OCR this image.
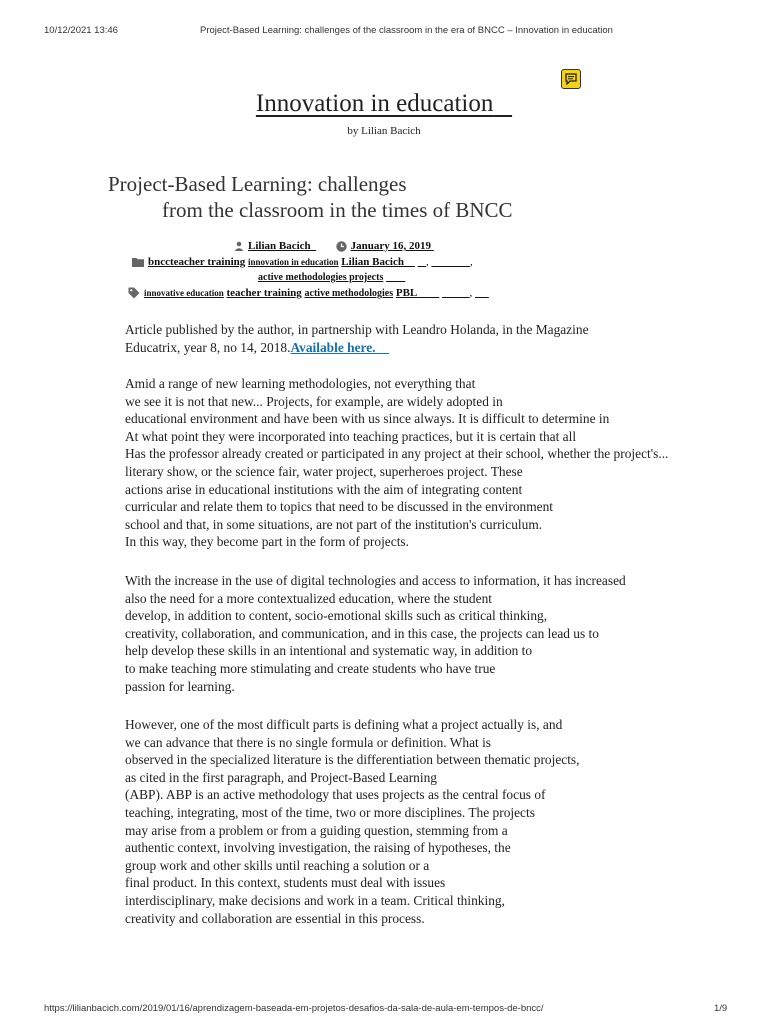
10/12/2021 13:46	Project-Based Learning: challenges of the classroom in the era of BNCC – Innovation in education
Innovation in education
by Lilian Bacich
Project-Based Learning: challenges
from the classroom in the times of BNCC
Lilian Bacich	January 16, 2019
bnccteacher training innovation in education Lilian Bacich ,	,
active methodologies projects
innovative education teacher training active methodologies PBL	,
Article published by the author, in partnership with Leandro Holanda, in the Magazine
Educatrix, year 8, no 14, 2018.Available here.
Amid a range of new learning methodologies, not everything that
we see it is not that new... Projects, for example, are widely adopted in
educational environment and have been with us since always. It is difficult to determine in
At what point they were incorporated into teaching practices, but it is certain that all
Has the professor already created or participated in any project at their school, whether the project's...
literary show, or the science fair, water project, superheroes project. These
actions arise in educational institutions with the aim of integrating content
curricular and relate them to topics that need to be discussed in the environment
school and that, in some situations, are not part of the institution's curriculum.
In this way, they become part in the form of projects.
With the increase in the use of digital technologies and access to information, it has increased
also the need for a more contextualized education, where the student
develop, in addition to content, socio-emotional skills such as critical thinking,
creativity, collaboration, and communication, and in this case, the projects can lead us to
help develop these skills in an intentional and systematic way, in addition to
to make teaching more stimulating and create students who have true
passion for learning.
However, one of the most difficult parts is defining what a project actually is, and
we can advance that there is no single formula or definition. What is
observed in the specialized literature is the differentiation between thematic projects,
as cited in the first paragraph, and Project-Based Learning
(ABP). ABP is an active methodology that uses projects as the central focus of
teaching, integrating, most of the time, two or more disciplines. The projects
may arise from a problem or from a guiding question, stemming from a
authentic context, involving investigation, the raising of hypotheses, the
group work and other skills until reaching a solution or a
final product. In this context, students must deal with issues
interdisciplinary, make decisions and work in a team. Critical thinking,
creativity and collaboration are essential in this process.
https://lilianbacich.com/2019/01/16/aprendizagem-baseada-em-projetos-desafios-da-sala-de-aula-em-tempos-de-bncc/	1/9
